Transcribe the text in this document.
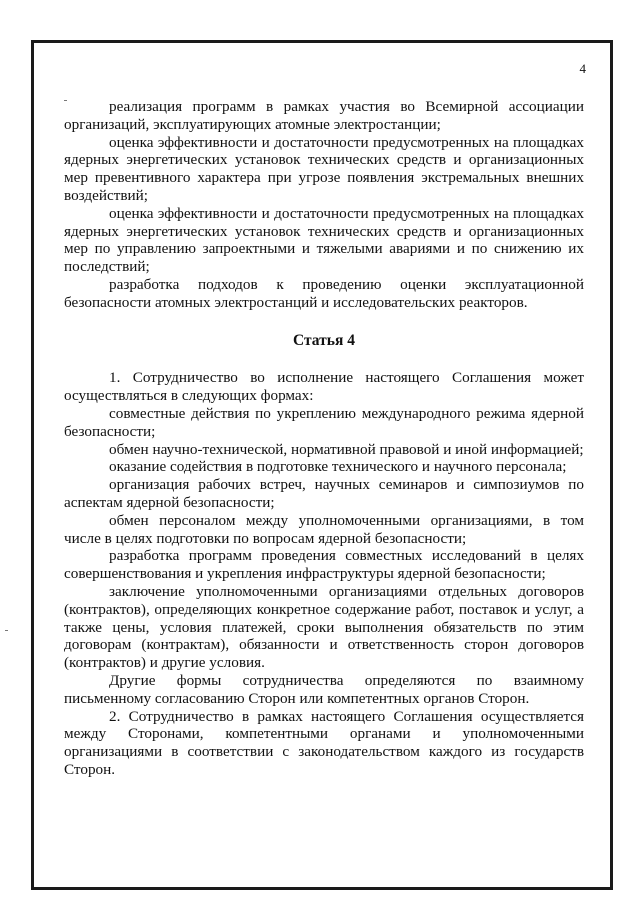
4

реализация программ в рамках участия во Всемирной ассоциации организаций, эксплуатирующих атомные электростанции;

оценка эффективности и достаточности предусмотренных на площадках ядерных энергетических установок технических средств и организационных мер превентивного характера при угрозе появления экстремальных внешних воздействий;

оценка эффективности и достаточности предусмотренных на площадках ядерных энергетических установок технических средств и организационных мер по управлению запроектными и тяжелыми авариями и по снижению их последствий;

разработка подходов к проведению оценки эксплуатационной безопасности атомных электростанций и исследовательских реакторов.

Статья 4

1. Сотрудничество во исполнение настоящего Соглашения может осуществляться в следующих формах:

совместные действия по укреплению международного режима ядерной безопасности;

обмен научно-технической, нормативной правовой и иной информацией;

оказание содействия в подготовке технического и научного персонала;

организация рабочих встреч, научных семинаров и симпозиумов по аспектам ядерной безопасности;

обмен персоналом между уполномоченными организациями, в том числе в целях подготовки по вопросам ядерной безопасности;

разработка программ проведения совместных исследований в целях совершенствования и укрепления инфраструктуры ядерной безопасности;

заключение уполномоченными организациями отдельных договоров (контрактов), определяющих конкретное содержание работ, поставок и услуг, а также цены, условия платежей, сроки выполнения обязательств по этим договорам (контрактам), обязанности и ответственность сторон договоров (контрактов) и другие условия.

Другие формы сотрудничества определяются по взаимному письменному согласованию Сторон или компетентных органов Сторон.

2. Сотрудничество в рамках настоящего Соглашения осуществляется между Сторонами, компетентными органами и уполномоченными организациями в соответствии с законодательством каждого из государств Сторон.
